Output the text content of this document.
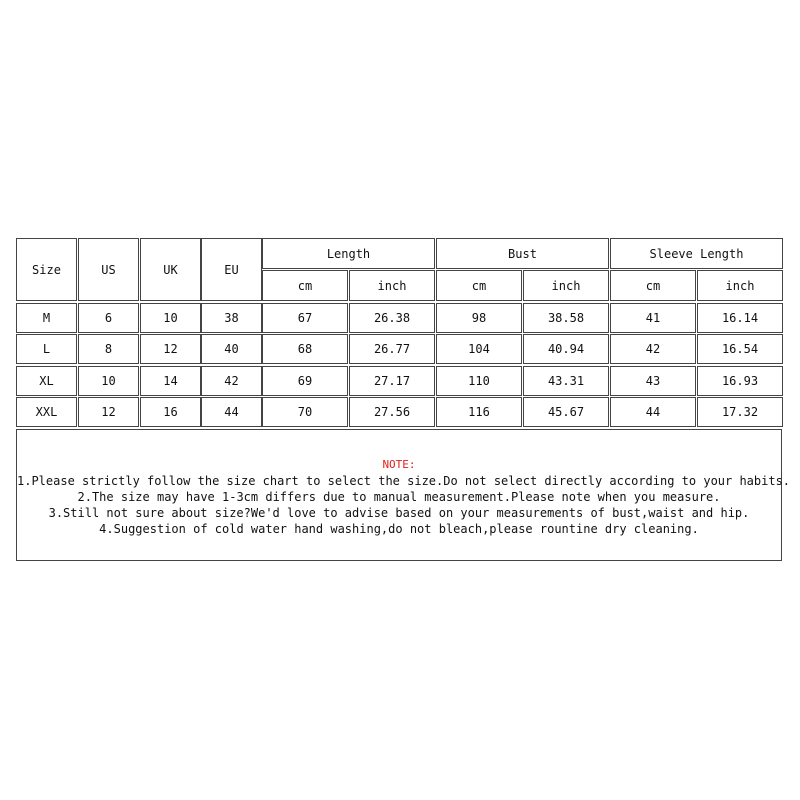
Size	US	UK	EU
Length	Bust	Sleeve Length
cm	inch	cm	inch	cm	inch
M	6	10	38	67	26.38	98	38.58	41	16.14
L	8	12	40	68	26.77	104	40.94	42	16.54
XL	10	14	42	69	27.17	110	43.31	43	16.93
XXL	12	16	44	70	27.56	116	45.67	44	17.32
NOTE:
1.Please strictly follow the size chart to select the size.Do not select directly according to your habits.
2.The size may have 1-3cm differs due to manual measurement.Please note when you measure.
3.Still not sure about size?We'd love to advise based on your measurements of bust,waist and hip.
4.Suggestion of cold water hand washing,do not bleach,please rountine dry cleaning.
